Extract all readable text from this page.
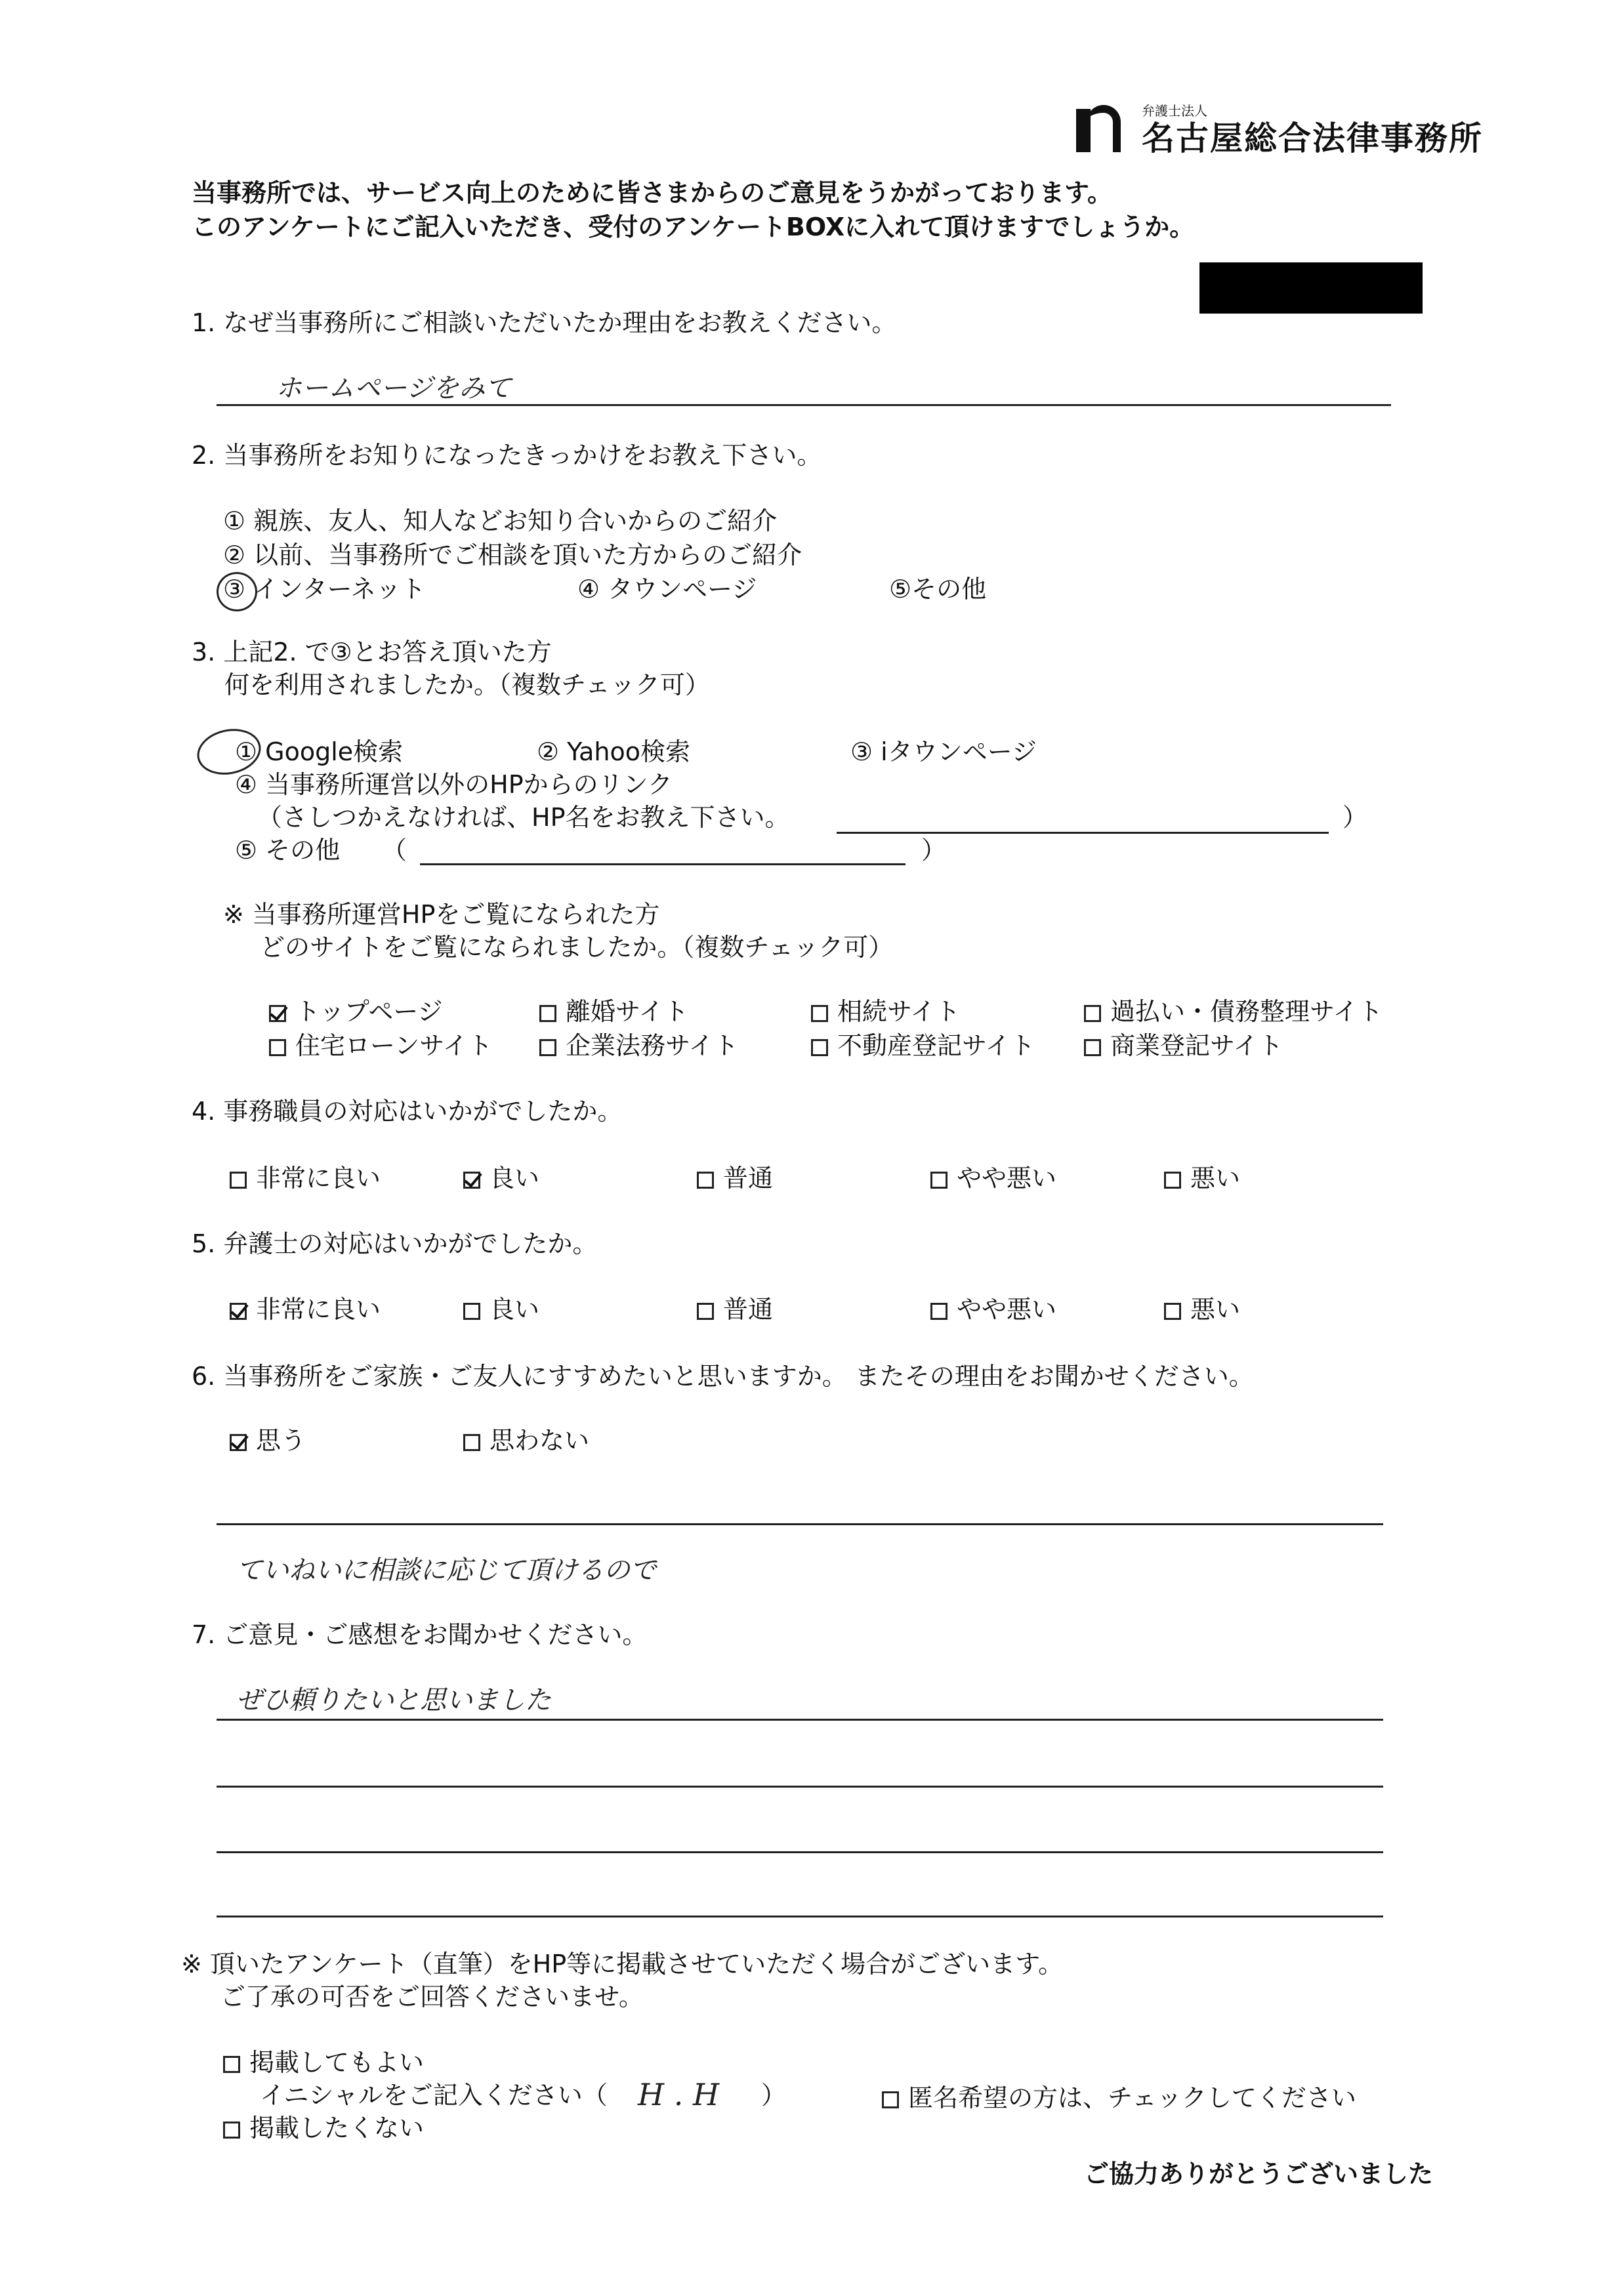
弁護士法人
名古屋総合法律事務所
当事務所では、サービス向上のために皆さまからのご意見をうかがっております。
このアンケートにご記入いただき、受付のアンケートBOXに入れて頂けますでしょうか。
1. なぜ当事務所にご相談いただいたか理由をお教えください。
ホームページをみて
2. 当事務所をお知りになったきっかけをお教え下さい。
① 親族、友人、知人などお知り合いからのご紹介
② 以前、当事務所でご相談を頂いた方からのご紹介
③ インターネット	④ タウンページ	⑤その他
3. 上記2. で③とお答え頂いた方
何を利用されましたか。（複数チェック可）
① Google検索	② Yahoo検索	③ iタウンページ
④ 当事務所運営以外のHPからのリンク
（さしつかえなければ、HP名をお教え下さい。	）
⑤ その他 （	）
※ 当事務所運営HPをご覧になられた方
どのサイトをご覧になられましたか。（複数チェック可）
トップページ	離婚サイト	相続サイト	過払い・債務整理サイト
住宅ローンサイト	企業法務サイト	不動産登記サイト	商業登記サイト
4. 事務職員の対応はいかがでしたか。
非常に良い	良い	普通	やや悪い	悪い
5. 弁護士の対応はいかがでしたか。
非常に良い	良い	普通	やや悪い	悪い
6. 当事務所をご家族・ご友人にすすめたいと思いますか。 またその理由をお聞かせください。
思う	思わない
ていねいに相談に応じて頂けるので
7. ご意見・ご感想をお聞かせください。
ぜひ頼りたいと思いました
※ 頂いたアンケート（直筆）をHP等に掲載させていただく場合がございます。
ご了承の可否をご回答くださいませ。
掲載してもよい
イニシャルをご記入ください（ H . H ）	匿名希望の方は、チェックしてください
掲載したくない
ご協力ありがとうございました
